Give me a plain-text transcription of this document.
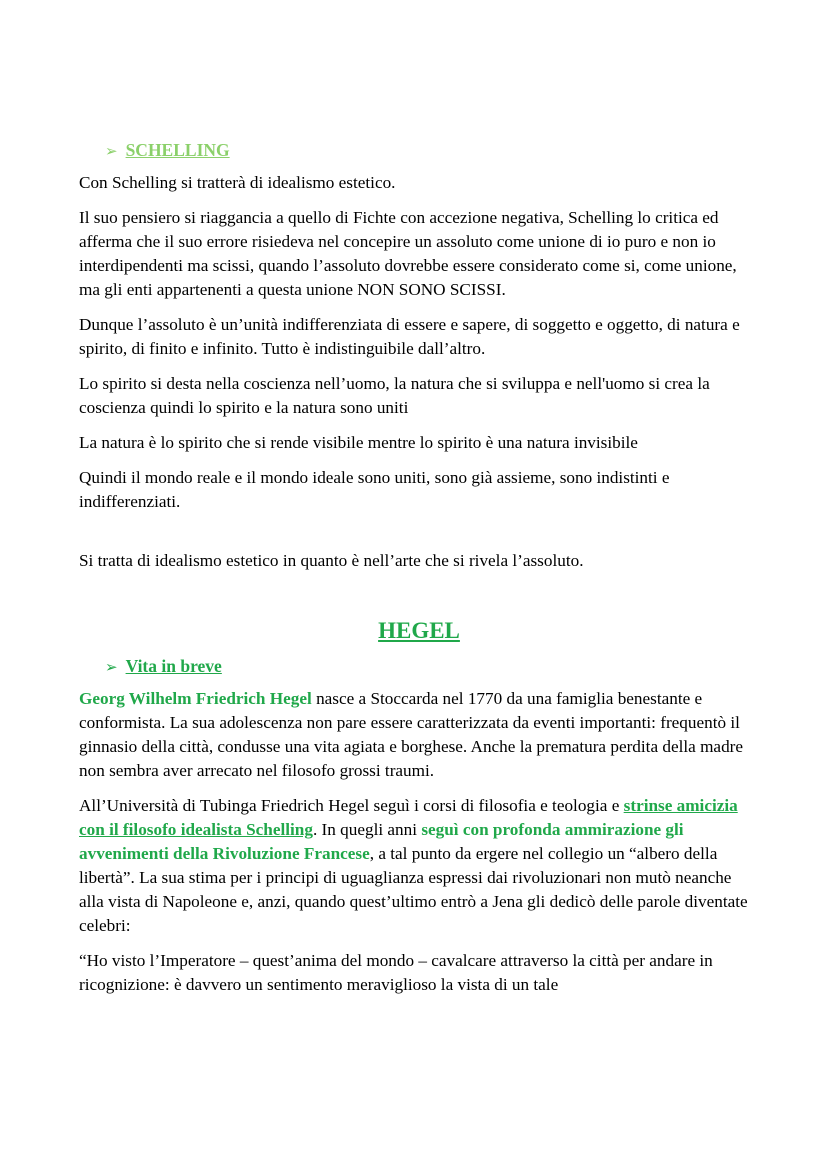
➢ SCHELLING

Con Schelling si tratterà di idealismo estetico.

Il suo pensiero si riaggancia a quello di Fichte con accezione negativa, Schelling lo critica ed afferma che il suo errore risiedeva nel concepire un assoluto come unione di io puro e non io interdipendenti ma scissi, quando l’assoluto dovrebbe essere considerato come si, come unione, ma gli enti appartenenti a questa unione NON SONO SCISSI.

Dunque l’assoluto è un’unità indifferenziata di essere e sapere, di soggetto e oggetto, di natura e spirito, di finito e infinito. Tutto è indistinguibile dall’altro.

Lo spirito si desta nella coscienza nell’uomo, la natura che si sviluppa e nell'uomo si crea la coscienza quindi lo spirito e la natura sono uniti

La natura è lo spirito che si rende visibile mentre lo spirito è una natura invisibile

Quindi il mondo reale e il mondo ideale sono uniti, sono già assieme, sono indistinti e indifferenziati.

Si tratta di idealismo estetico in quanto è nell’arte che si rivela l’assoluto.

HEGEL
➢ Vita in breve

Georg Wilhelm Friedrich Hegel nasce a Stoccarda nel 1770 da una famiglia benestante e conformista. La sua adolescenza non pare essere caratterizzata da eventi importanti: frequentò il ginnasio della città, condusse una vita agiata e borghese. Anche la prematura perdita della madre non sembra aver arrecato nel filosofo grossi traumi.

All’Università di Tubinga Friedrich Hegel seguì i corsi di filosofia e teologia e strinse amicizia con il filosofo idealista Schelling. In quegli anni seguì con profonda ammirazione gli avvenimenti della Rivoluzione Francese, a tal punto da ergere nel collegio un “albero della libertà”. La sua stima per i principi di uguaglianza espressi dai rivoluzionari non mutò neanche alla vista di Napoleone e, anzi, quando quest’ultimo entrò a Jena gli dedicò delle parole diventate celebri:

“Ho visto l’Imperatore – quest’anima del mondo – cavalcare attraverso la città per andare in ricognizione: è davvero un sentimento meraviglioso la vista di un tale
